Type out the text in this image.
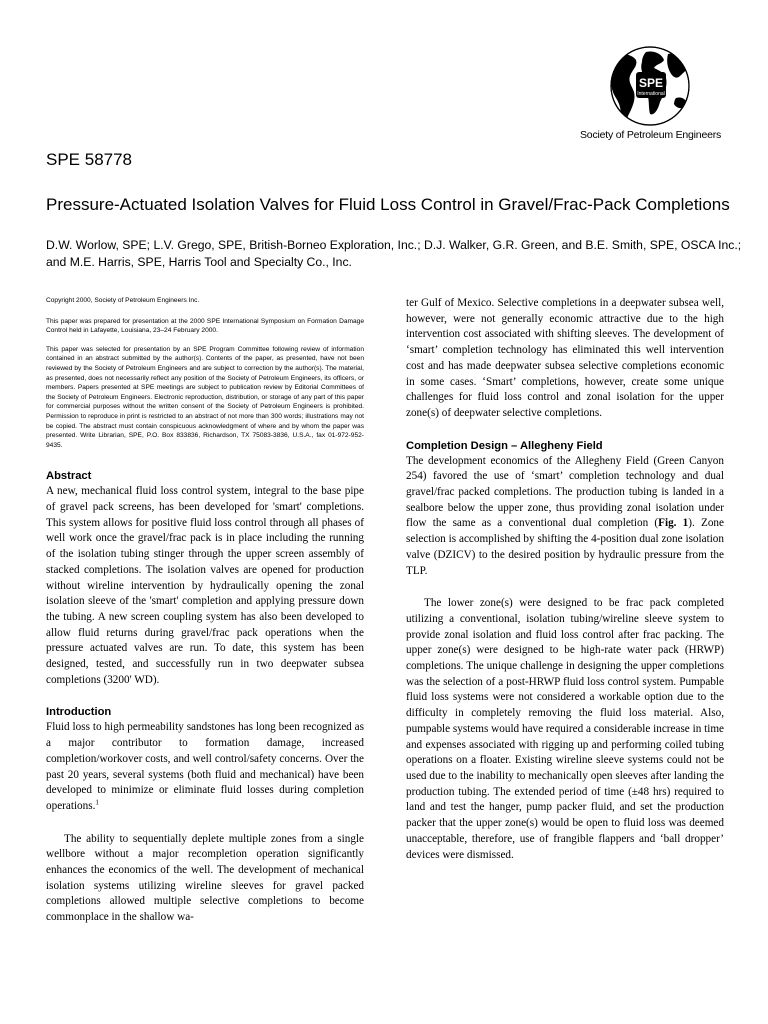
SPE
International
Society of Petroleum Engineers
SPE 58778
Pressure-Actuated Isolation Valves for Fluid Loss Control in Gravel/Frac-Pack Completions
D.W. Worlow, SPE; L.V. Grego, SPE, British-Borneo Exploration, Inc.; D.J. Walker, G.R. Green, and B.E. Smith, SPE, OSCA Inc.; and M.E. Harris, SPE, Harris Tool and Specialty Co., Inc.

Copyright 2000, Society of Petroleum Engineers Inc.

This paper was prepared for presentation at the 2000 SPE International Symposium on Formation Damage Control held in Lafayette, Louisiana, 23–24 February 2000.

This paper was selected for presentation by an SPE Program Committee following review of information contained in an abstract submitted by the author(s). Contents of the paper, as presented, have not been reviewed by the Society of Petroleum Engineers and are subject to correction by the author(s). The material, as presented, does not necessarily reflect any position of the Society of Petroleum Engineers, its officers, or members. Papers presented at SPE meetings are subject to publication review by Editorial Committees of the Society of Petroleum Engineers. Electronic reproduction, distribution, or storage of any part of this paper for commercial purposes without the written consent of the Society of Petroleum Engineers is prohibited. Permission to reproduce in print is restricted to an abstract of not more than 300 words; illustrations may not be copied. The abstract must contain conspicuous acknowledgment of where and by whom the paper was presented. Write Librarian, SPE, P.O. Box 833836, Richardson, TX 75083-3836, U.S.A., fax 01-972-952-9435.

Abstract

A new, mechanical fluid loss control system, integral to the base pipe of gravel pack screens, has been developed for 'smart' completions. This system allows for positive fluid loss control through all phases of well work once the gravel/frac pack is in place including the running of the isolation tubing stinger through the upper screen assembly of stacked completions. The isolation valves are opened for production without wireline intervention by hydraulically opening the zonal isolation sleeve of the 'smart' completion and applying pressure down the tubing. A new screen coupling system has also been developed to allow fluid returns during gravel/frac pack operations when the pressure actuated valves are run. To date, this system has been designed, tested, and successfully run in two deepwater subsea completions (3200' WD).

Introduction

Fluid loss to high permeability sandstones has long been recognized as a major contributor to formation damage, increased completion/workover costs, and well control/safety concerns. Over the past 20 years, several systems (both fluid and mechanical) have been developed to minimize or eliminate fluid losses during completion operations.$^1$

The ability to sequentially deplete multiple zones from a single wellbore without a major recompletion operation significantly enhances the economics of the well. The development of mechanical isolation systems utilizing wireline sleeves for gravel packed completions allowed multiple selective completions to become commonplace in the shallow wa-

ter Gulf of Mexico. Selective completions in a deepwater subsea well, however, were not generally economic attractive due to the high intervention cost associated with shifting sleeves. The development of ‘smart’ completion technology has eliminated this well intervention cost and has made deepwater subsea selective completions economic in some cases. ‘Smart’ completions, however, create some unique challenges for fluid loss control and zonal isolation for the upper zone(s) of deepwater selective completions.

Completion Design – Allegheny Field

The development economics of the Allegheny Field (Green Canyon 254) favored the use of ‘smart’ completion technology and dual gravel/frac packed completions. The production tubing is landed in a sealbore below the upper zone, thus providing zonal isolation under flow the same as a conventional dual completion (Fig. 1). Zone selection is accomplished by shifting the 4-position dual zone isolation valve (DZICV) to the desired position by hydraulic pressure from the TLP.

The lower zone(s) were designed to be frac pack completed utilizing a conventional, isolation tubing/wireline sleeve system to provide zonal isolation and fluid loss control after frac packing. The upper zone(s) were designed to be high-rate water pack (HRWP) completions. The unique challenge in designing the upper completions was the selection of a post-HRWP fluid loss control system. Pumpable fluid loss systems were not considered a workable option due to the difficulty in completely removing the fluid loss material. Also, pumpable systems would have required a considerable increase in time and expenses associated with rigging up and performing coiled tubing operations on a floater. Existing wireline sleeve systems could not be used due to the inability to mechanically open sleeves after landing the production tubing. The extended period of time (±48 hrs) required to land and test the hanger, pump packer fluid, and set the production packer that the upper zone(s) would be open to fluid loss was deemed unacceptable, therefore, use of frangible flappers and ‘ball dropper’ devices were dismissed.
